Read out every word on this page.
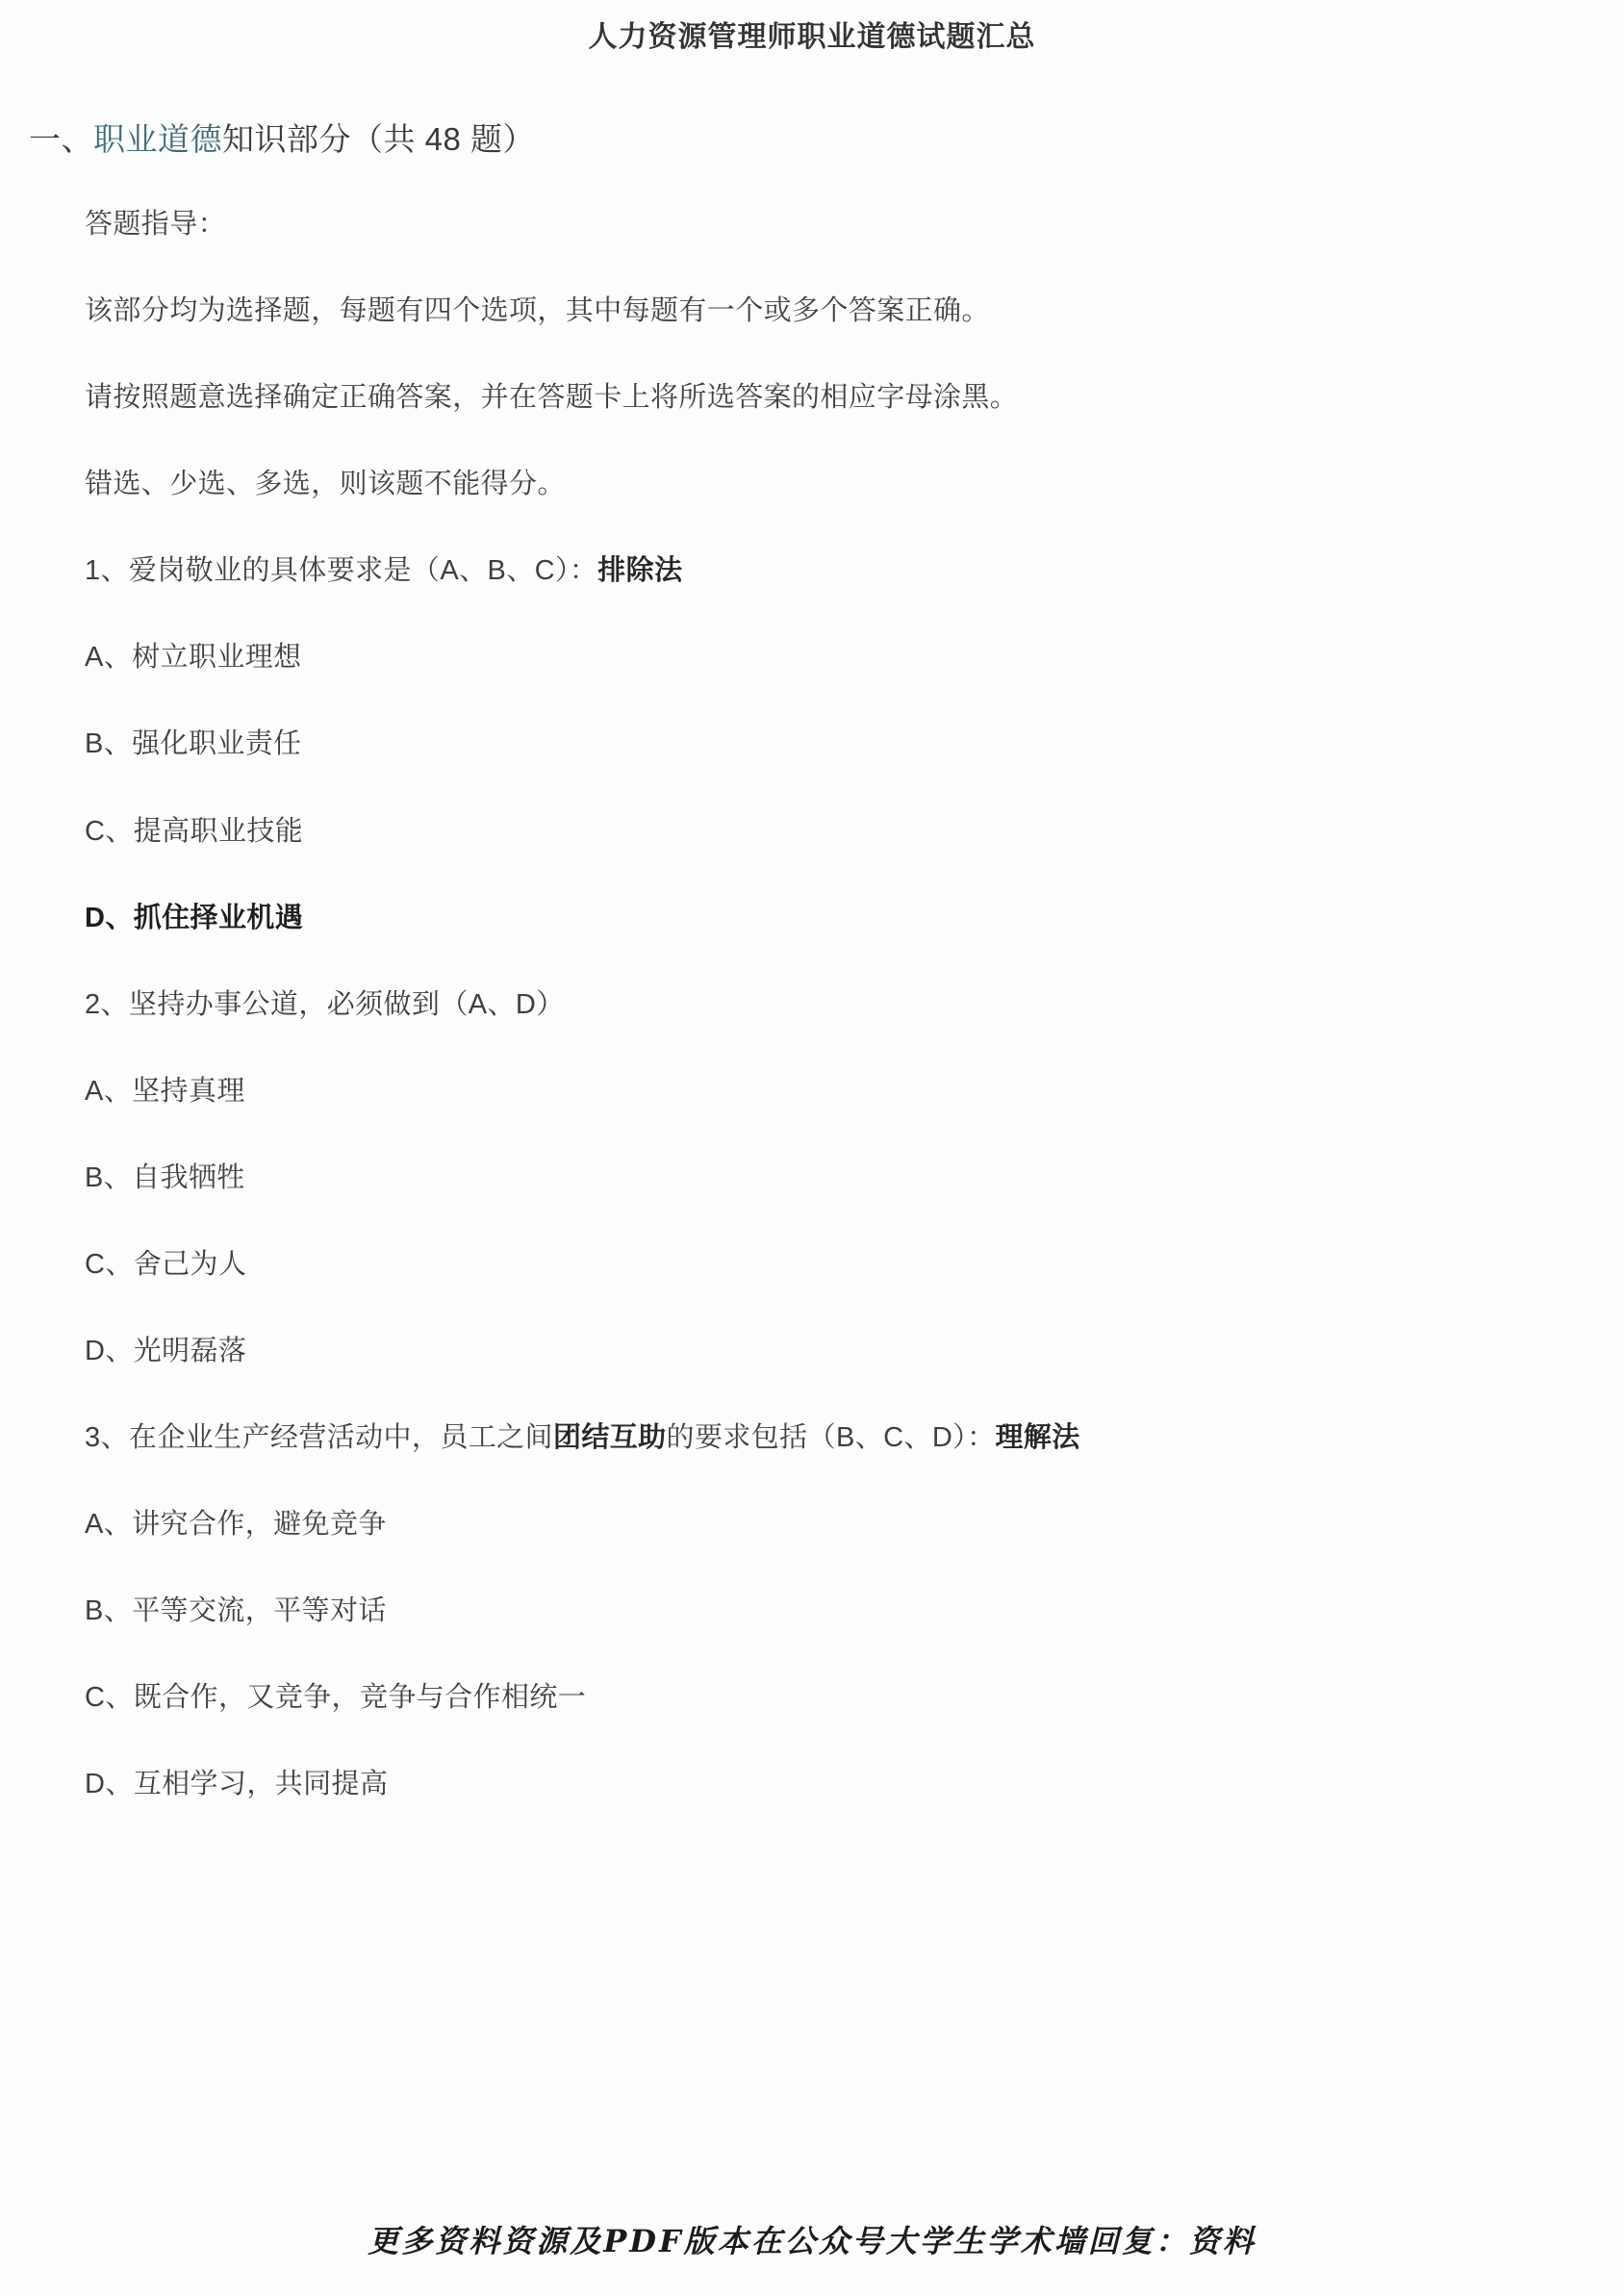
人力资源管理师职业道德试题汇总
一、职业道德知识部分（共 48 题）
答题指导：
该部分均为选择题，每题有四个选项，其中每题有一个或多个答案正确。
请按照题意选择确定正确答案，并在答题卡上将所选答案的相应字母涂黑。
错选、少选、多选，则该题不能得分。
1、爱岗敬业的具体要求是（A、B、C）：排除法
A、树立职业理想
B、强化职业责任
C、提高职业技能
D、抓住择业机遇
2、坚持办事公道，必须做到（A、D）
A、坚持真理
B、自我牺牲
C、舍己为人
D、光明磊落
3、在企业生产经营活动中，员工之间团结互助的要求包括（B、C、D）：理解法
A、讲究合作，避免竞争
B、平等交流，平等对话
C、既合作，又竞争，竞争与合作相统一
D、互相学习，共同提高
更多资料资源及PDF版本在公众号大学生学术墙回复：资料
